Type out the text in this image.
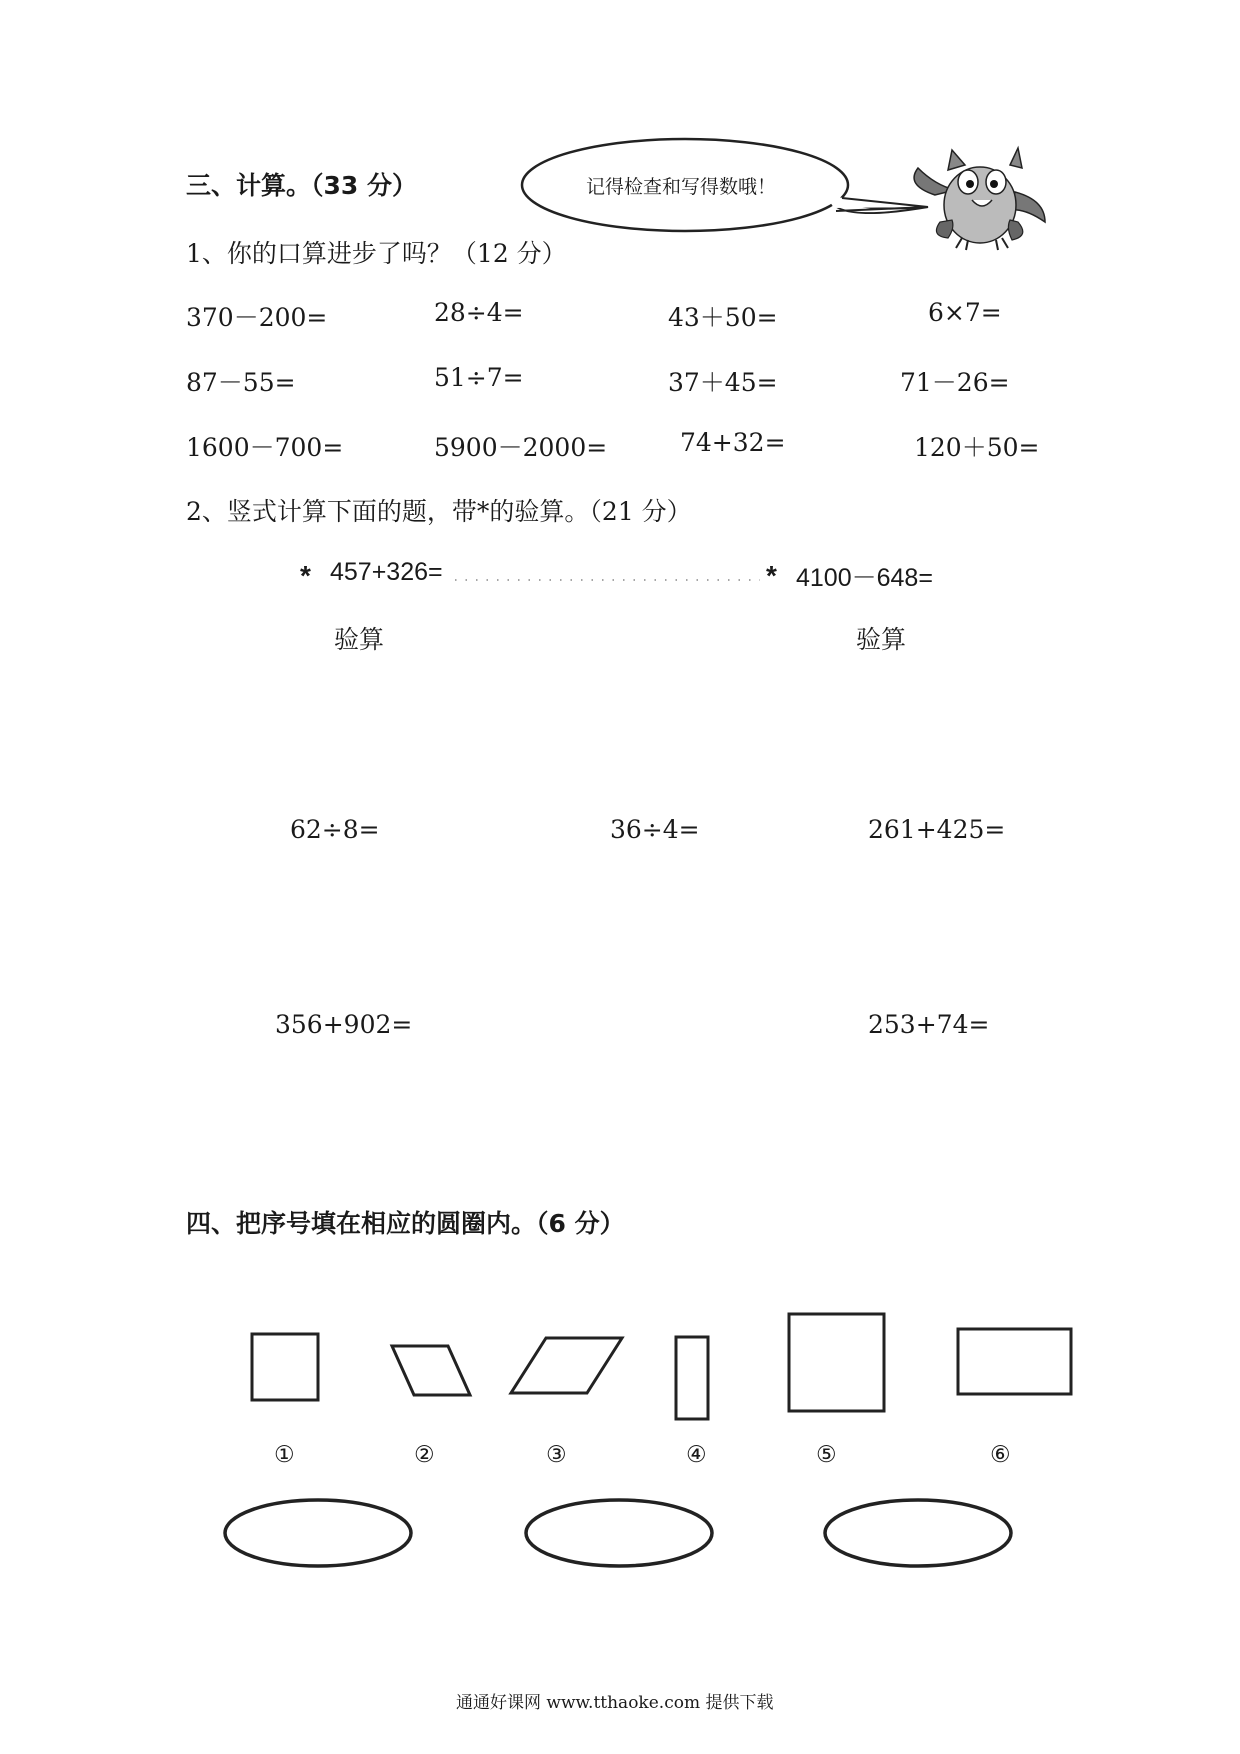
三、计算。（33 分）	记得检查和写得数哦！
1、你的口算进步了吗？（12 分）
370－200=	28÷4=	43＋50=	6×7=
87－55=	51÷7=	37＋45=	71－26=
1600－700=	5900－2000=	74+32=	120＋50=
2、竖式计算下面的题，带*的验算。（21 分）
* 457+326=	* 4100－648=
验算	验算
62÷8=	36÷4=	261+425=
356+902=	253+74=
四、把序号填在相应的圆圈内。（6 分）
①	②	③	④	⑤	⑥
通通好课网 www.tthaoke.com 提供下载
